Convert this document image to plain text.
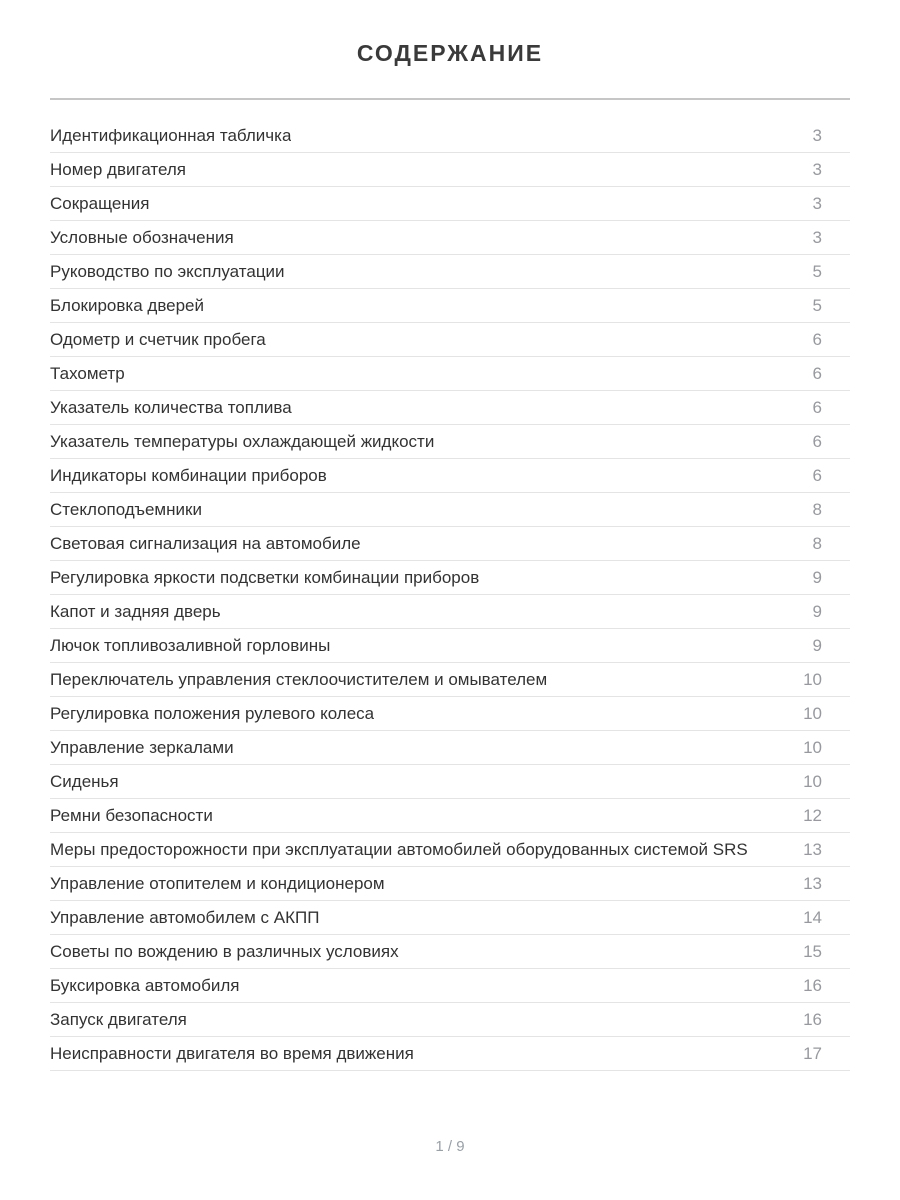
СОДЕРЖАНИЕ
Идентификационная табличка	3
Номер двигателя	3
Сокращения	3
Условные обозначения	3
Руководство по эксплуатации	5
Блокировка дверей	5
Одометр и счетчик пробега	6
Тахометр	6
Указатель количества топлива	6
Указатель температуры охлаждающей жидкости	6
Индикаторы комбинации приборов	6
Стеклоподъемники	8
Световая сигнализация на автомобиле	8
Регулировка яркости подсветки комбинации приборов	9
Капот и задняя дверь	9
Лючок топливозаливной горловины	9
Переключатель управления стеклоочистителем и омывателем	10
Регулировка положения рулевого колеса	10
Управление зеркалами	10
Сиденья	10
Ремни безопасности	12
Меры предосторожности при эксплуатации автомобилей оборудованных системой SRS	13
Управление отопителем и кондиционером	13
Управление автомобилем с АКПП	14
Советы по вождению в различных условиях	15
Буксировка автомобиля	16
Запуск двигателя	16
Неисправности двигателя во время движения	17
1 / 9
